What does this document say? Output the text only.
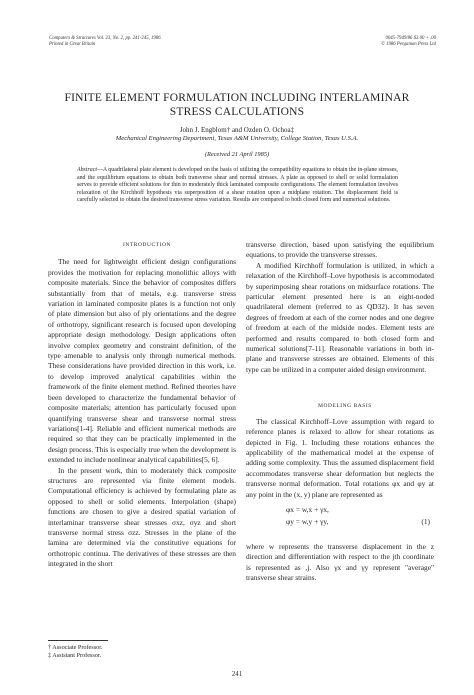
Computers & Structures Vol. 23, No. 2, pp. 241-245, 1986
Printed in Great Britain
0045-7949/86 $3.00 + .00
© 1986 Pergamon Press Ltd
FINITE ELEMENT FORMULATION INCLUDING INTERLAMINAR STRESS CALCULATIONS
John J. Engblom† and Ozden O. Ochoa‡
Mechanical Engineering Department, Texas A&M University, College Station, Texas U.S.A.
(Received 21 April 1985)
Abstract—A quadrilateral plate element is developed on the basis of utilizing the compatibility equations to obtain the in-plane stresses, and the equilibrium equations to obtain both transverse shear and normal stresses. A plate as opposed to shell or solid formulation serves to provide efficient solutions for thin to moderately thick laminated composite configurations. The element formulation involves relaxation of the Kirchhoff hypothesis via superposition of a shear rotation upon a midplane rotation. The displacement field is carefully selected to obtain the desired transverse stress variation. Results are compared to both closed form and numerical solutions.

INTRODUCTION

The need for lightweight efficient design configurations provides the motivation for replacing monolithic alloys with composite materials. Since the behavior of composites differs substantially from that of metals, e.g. transverse stress variation in laminated composite plates is a function not only of plate dimension but also of ply orientations and the degree of orthotropy, significant research is focused upon developing appropriate design methodology. Design applications often involve complex geometry and constraint definition, of the type amenable to analysis only through numerical methods. These considerations have provided direction in this work, i.e. to develop improved analytical capabilities within the framework of the finite element method. Refined theories have been developed to characterize the fundamental behavior of composite materials; attention has particularly focused upon quantifying transverse shear and transverse normal stress variations[1-4]. Reliable and efficient numerical methods are required so that they can be practically implemented in the design process. This is especially true when the development is extended to include nonlinear analytical capabilities[5, 6].

In the present work, thin to moderately thick composite structures are represented via finite element models. Computational efficiency is achieved by formulating plate as opposed to shell or solid elements. Interpolation (shape) functions are chosen to give a desired spatial variation of interlaminar transverse shear stresses σxz, σyz and short transverse normal stress σzz. Stresses in the plane of the lamina are determined via the constitutive equations for orthotropic continua. The derivatives of these stresses are then integrated in the short

transverse direction, based upon satisfying the equilibrium equations, to provide the transverse stresses.

A modified Kirchhoff formulation is utilized, in which a relaxation of the Kirchhoff–Love hypothesis is accommodated by superimposing shear rotations on midsurface rotations. The particular element presented here is an eight-noded quadrilateral element (referred to as QD32). It has seven degrees of freedom at each of the corner nodes and one degree of freedom at each of the midside nodes. Element tests are performed and results compared to both closed form and numerical solutions[7-11]. Reasonable variations in both in-plane and transverse stresses are obtained. Elements of this type can be utilized in a computer aided design environment.

MODELING BASIS

The classical Kirchhoff–Love assumption with regard to reference planes is relaxed to allow for shear rotations as depicted in Fig. 1. Including these rotations enhances the applicability of the mathematical model at the expense of adding some complexity. Thus the assumed displacement field accommodates transverse shear deformation but neglects the transverse normal deformation. Total rotations φx and φy at any point in the (x, y) plane are represented as

φx = w,x + γx,
φy = w,y + γy,	(1)

where w represents the transverse displacement in the z direction and differentiation with respect to the jth coordinate is represented as ,j. Also γx and γy represent "average" transverse shear strains.

† Associate Professor.
‡ Assistant Professor.
241
